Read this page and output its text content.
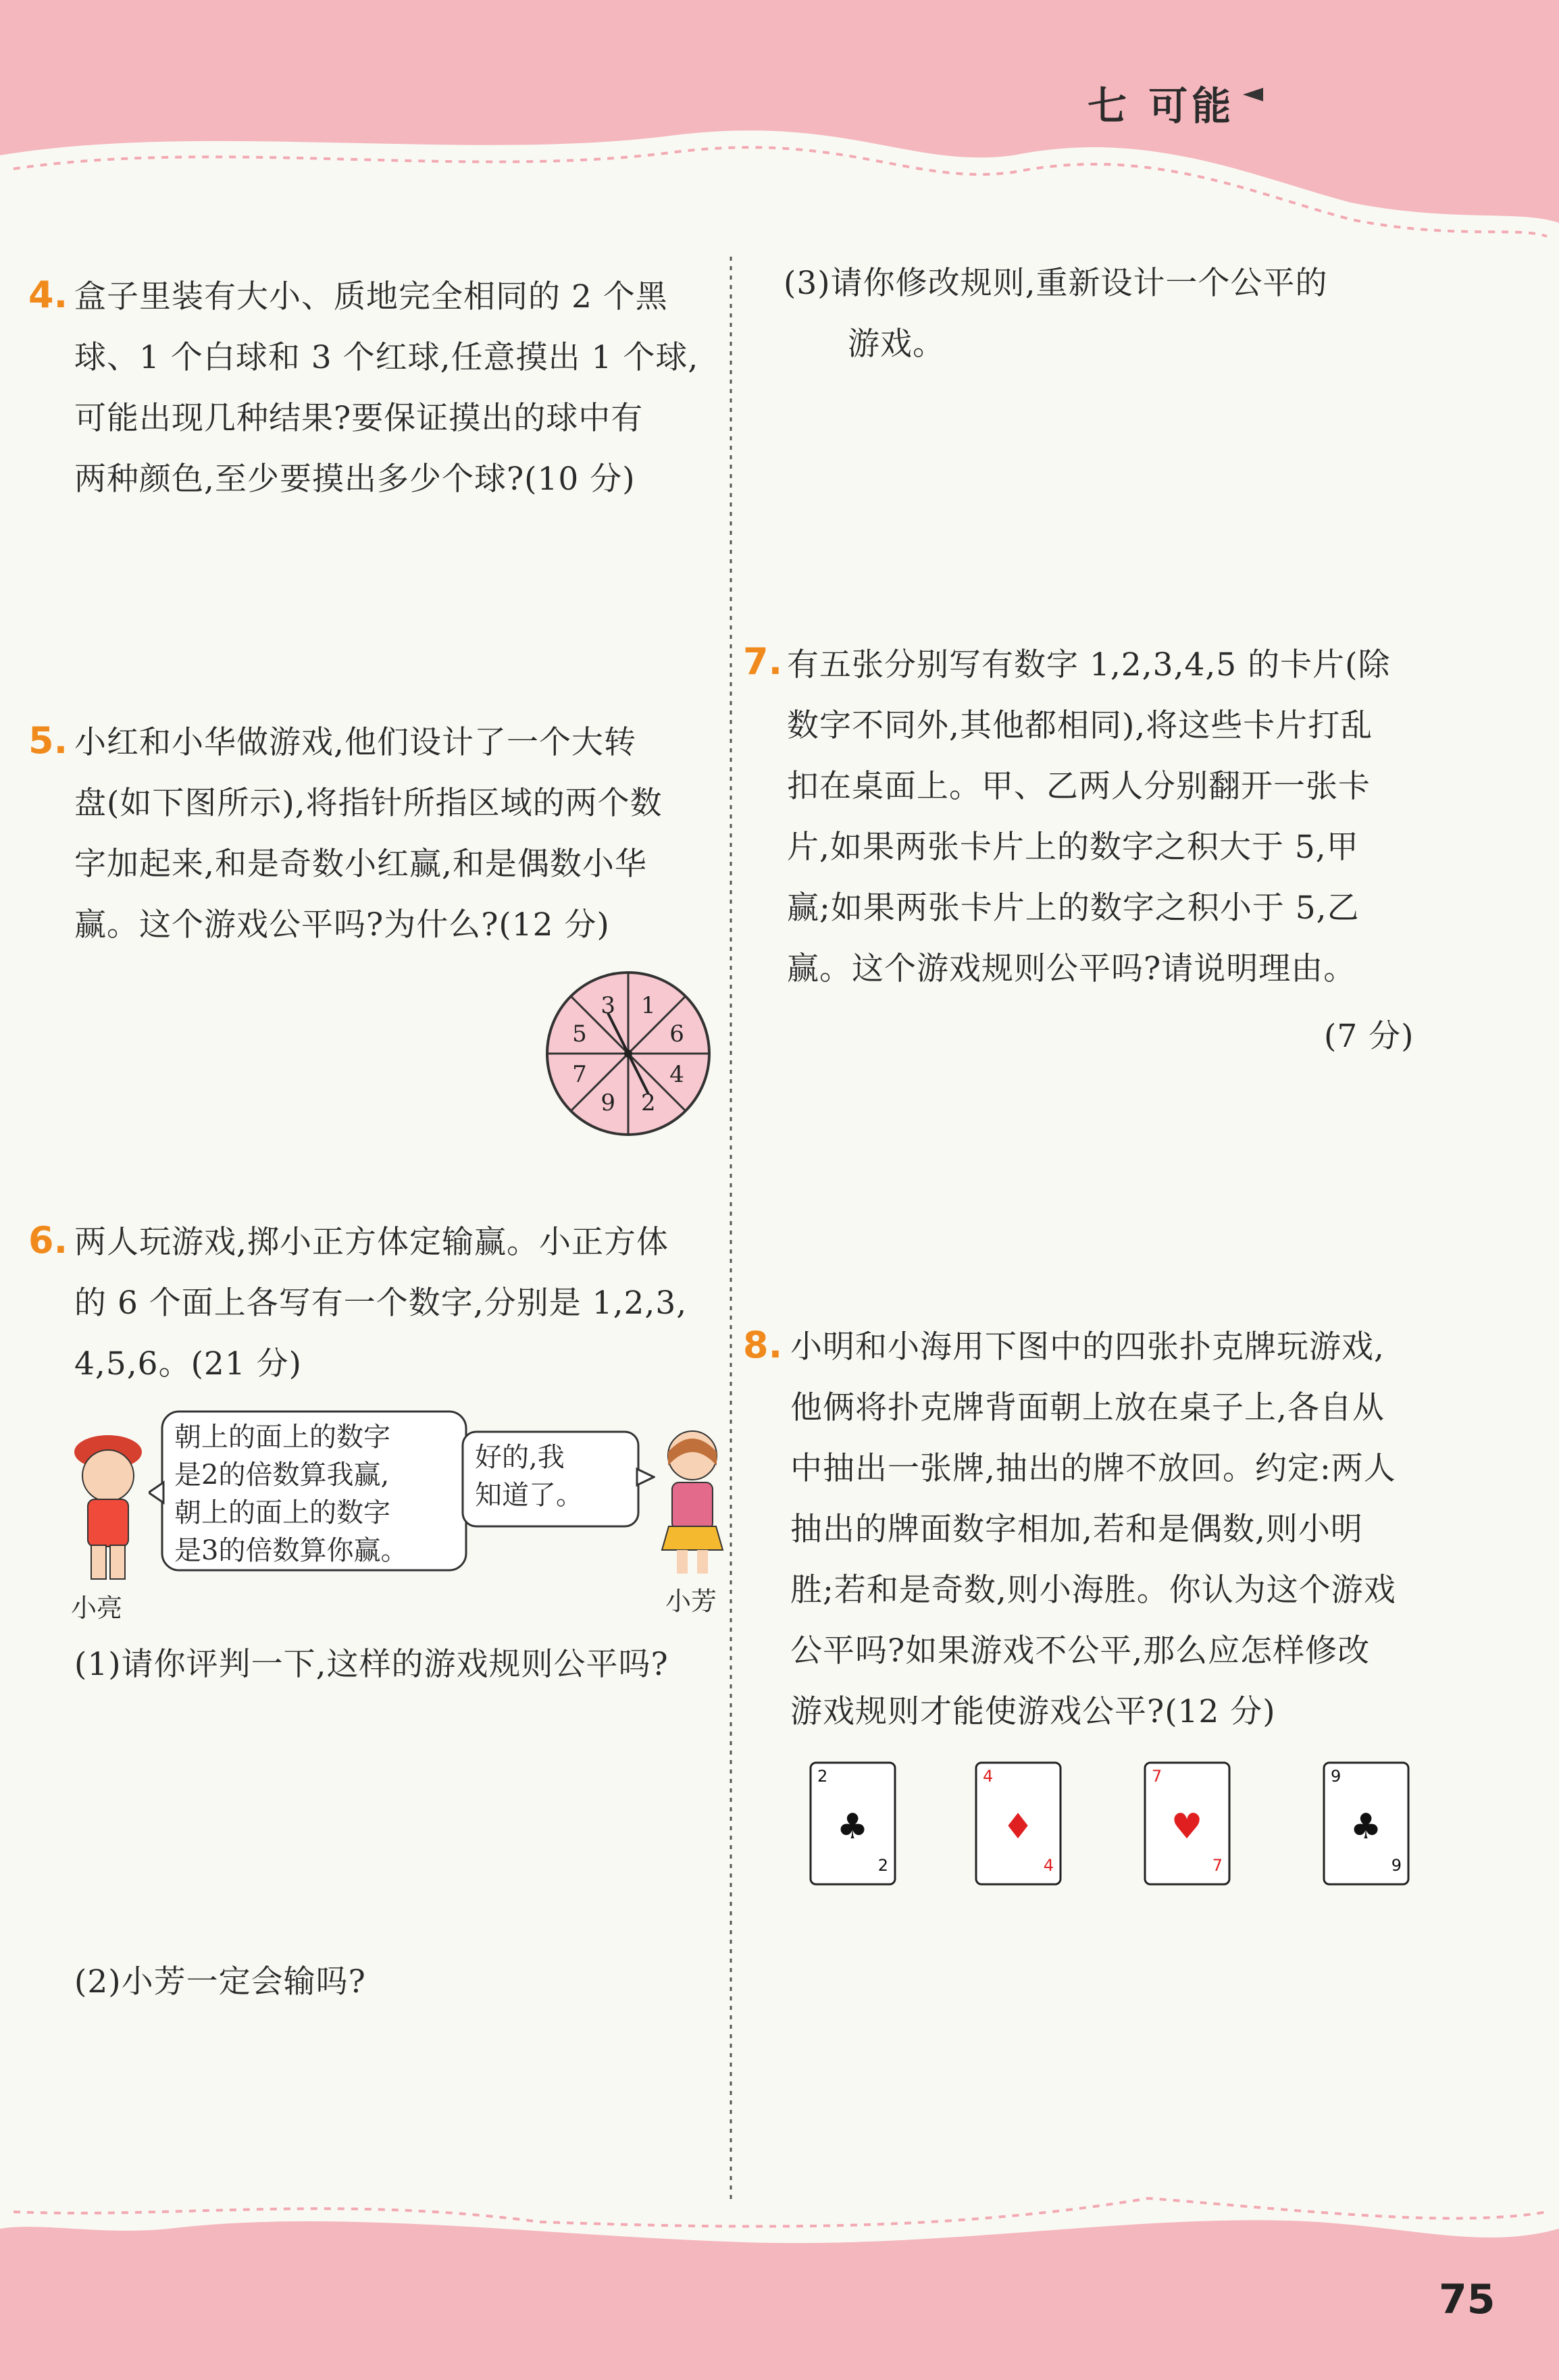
七 可能
4. 盒子里装有大小、质地完全相同的 2 个黑
球、1 个白球和 3 个红球,任意摸出 1 个球,
可能出现几种结果?要保证摸出的球中有
两种颜色,至少要摸出多少个球?(10 分)
5. 小红和小华做游戏,他们设计了一个大转
盘(如下图所示),将指针所指区域的两个数
字加起来,和是奇数小红赢,和是偶数小华
赢。这个游戏公平吗?为什么?(12 分)
1
6
4
2
9
7
5
3
6. 两人玩游戏,掷小正方体定输赢。小正方体
的 6 个面上各写有一个数字,分别是 1,2,3,
4,5,6。(21 分)
小亮
朝上的面上的数字
是2的倍数算我赢,
朝上的面上的数字
是3的倍数算你赢。
好的,我
知道了。
小芳
(1)请你评判一下,这样的游戏规则公平吗?
(2)小芳一定会输吗?
(3)请你修改规则,重新设计一个公平的
游戏。
7. 有五张分别写有数字 1,2,3,4,5 的卡片(除
数字不同外,其他都相同),将这些卡片打乱
扣在桌面上。甲、乙两人分别翻开一张卡
片,如果两张卡片上的数字之积大于 5,甲
赢;如果两张卡片上的数字之积小于 5,乙
赢。这个游戏规则公平吗?请说明理由。
(7 分)
8. 小明和小海用下图中的四张扑克牌玩游戏,
他俩将扑克牌背面朝上放在桌子上,各自从
中抽出一张牌,抽出的牌不放回。约定:两人
抽出的牌面数字相加,若和是偶数,则小明
胜;若和是奇数,则小海胜。你认为这个游戏
公平吗?如果游戏不公平,那么应怎样修改
游戏规则才能使游戏公平?(12 分)
2
♣
2
4
♦
4
7
♥
7
9
♣
9
75
